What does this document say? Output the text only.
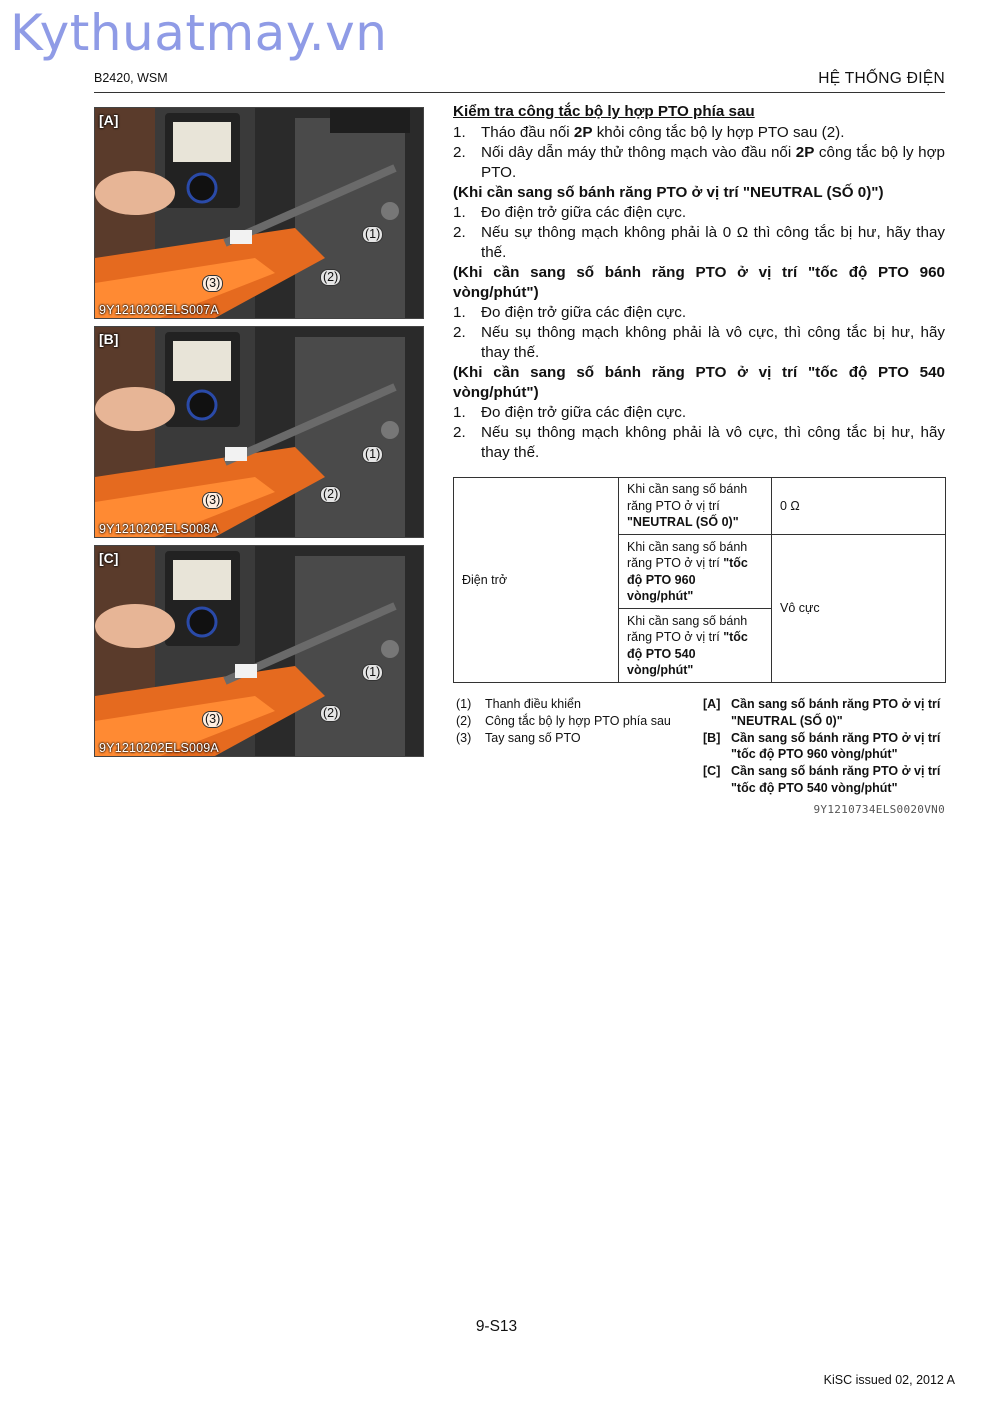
Kythuatmay.vn
B2420, WSM	HỆ THỐNG ĐIỆN
[A]
(1)
(2)
(3)
9Y1210202ELS007A
[B]
(1)
(2)
(3)
9Y1210202ELS008A
[C]
(1)
(2)
(3)
9Y1210202ELS009A
Kiểm tra công tắc bộ ly hợp PTO phía sau
1. Tháo đầu nối 2P khỏi công tắc bộ ly hợp PTO sau (2).
2. Nối dây dẫn máy thử thông mạch vào đầu nối 2P công tắc bộ ly hợp PTO.
(Khi cần sang số bánh răng PTO ở vị trí "NEUTRAL (SỐ 0)")
1. Đo điện trở giữa các điện cực.
2. Nếu sự thông mạch không phải là 0 Ω thì công tắc bị hư, hãy thay thế.
(Khi cần sang số bánh răng PTO ở vị trí "tốc độ PTO 960 vòng/phút")
1. Đo điện trở giữa các điện cực.
2. Nếu sụ thông mạch không phải là vô cực, thì công tắc bị hư, hãy thay thế.
(Khi cần sang số bánh răng PTO ở vị trí "tốc độ PTO 540 vòng/phút")
1. Đo điện trở giữa các điện cực.
2. Nếu sụ thông mạch không phải là vô cực, thì công tắc bị hư, hãy thay thế.
Điện trở	Khi cần sang số bánh răng PTO ở vị trí "NEUTRAL (SỐ 0)"	0 Ω
	Khi cần sang số bánh răng PTO ở vị trí "tốc độ PTO 960 vòng/phút"	Vô cực
	Khi cần sang số bánh răng PTO ở vị trí "tốc độ PTO 540 vòng/phút"	
(1)	Thanh điều khiển
(2)	Công tắc bộ ly hợp PTO phía sau
(3)	Tay sang số PTO
[A] Cần sang số bánh răng PTO ở vị trí "NEUTRAL (SỐ 0)"
[B] Cần sang số bánh răng PTO ở vị trí "tốc độ PTO 960 vòng/phút"
[C] Cần sang số bánh răng PTO ở vị trí "tốc độ PTO 540 vòng/phút"
9Y1210734ELS0020VN0
9-S13
KiSC issued 02, 2012 A
